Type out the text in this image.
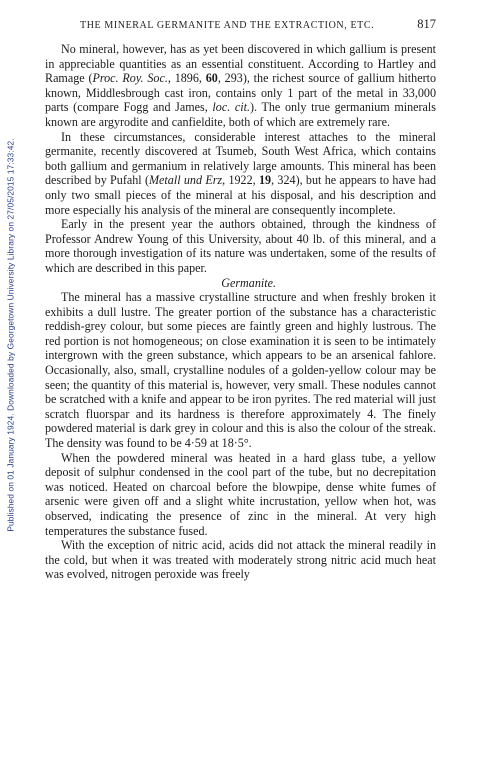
Published on 01 January 1924. Downloaded by Georgetown University Library on 27/05/2015 17:33:42.
THE MINERAL GERMANITE AND THE EXTRACTION, ETC.	817

No mineral, however, has as yet been discovered in which gallium is present in appreciable quantities as an essential constituent. According to Hartley and Ramage (Proc. Roy. Soc., 1896, 60, 293), the richest source of gallium hitherto known, Middlesbrough cast iron, contains only 1 part of the metal in 33,000 parts (compare Fogg and James, loc. cit.). The only true germanium minerals known are argyrodite and canfieldite, both of which are extremely rare.

In these circumstances, considerable interest attaches to the mineral germanite, recently discovered at Tsumeb, South West Africa, which contains both gallium and germanium in relatively large amounts. This mineral has been described by Pufahl (Metall und Erz, 1922, 19, 324), but he appears to have had only two small pieces of the mineral at his disposal, and his description and more especially his analysis of the mineral are consequently incomplete.

Early in the present year the authors obtained, through the kindness of Professor Andrew Young of this University, about 40 lb. of this mineral, and a more thorough investigation of its nature was undertaken, some of the results of which are described in this paper.

Germanite.

The mineral has a massive crystalline structure and when freshly broken it exhibits a dull lustre. The greater portion of the substance has a characteristic reddish-grey colour, but some pieces are faintly green and highly lustrous. The red portion is not homogeneous; on close examination it is seen to be intimately intergrown with the green substance, which appears to be an arsenical fahlore. Occasionally, also, small, crystalline nodules of a golden-yellow colour may be seen; the quantity of this material is, however, very small. These nodules cannot be scratched with a knife and appear to be iron pyrites. The red material will just scratch fluorspar and its hardness is therefore approximately 4. The finely powdered material is dark grey in colour and this is also the colour of the streak. The density was found to be 4·59 at 18·5°.

When the powdered mineral was heated in a hard glass tube, a yellow deposit of sulphur condensed in the cool part of the tube, but no decrepitation was noticed. Heated on charcoal before the blowpipe, dense white fumes of arsenic were given off and a slight white incrustation, yellow when hot, was observed, indicating the presence of zinc in the mineral. At very high temperatures the substance fused.

With the exception of nitric acid, acids did not attack the mineral readily in the cold, but when it was treated with moderately strong nitric acid much heat was evolved, nitrogen peroxide was freely
